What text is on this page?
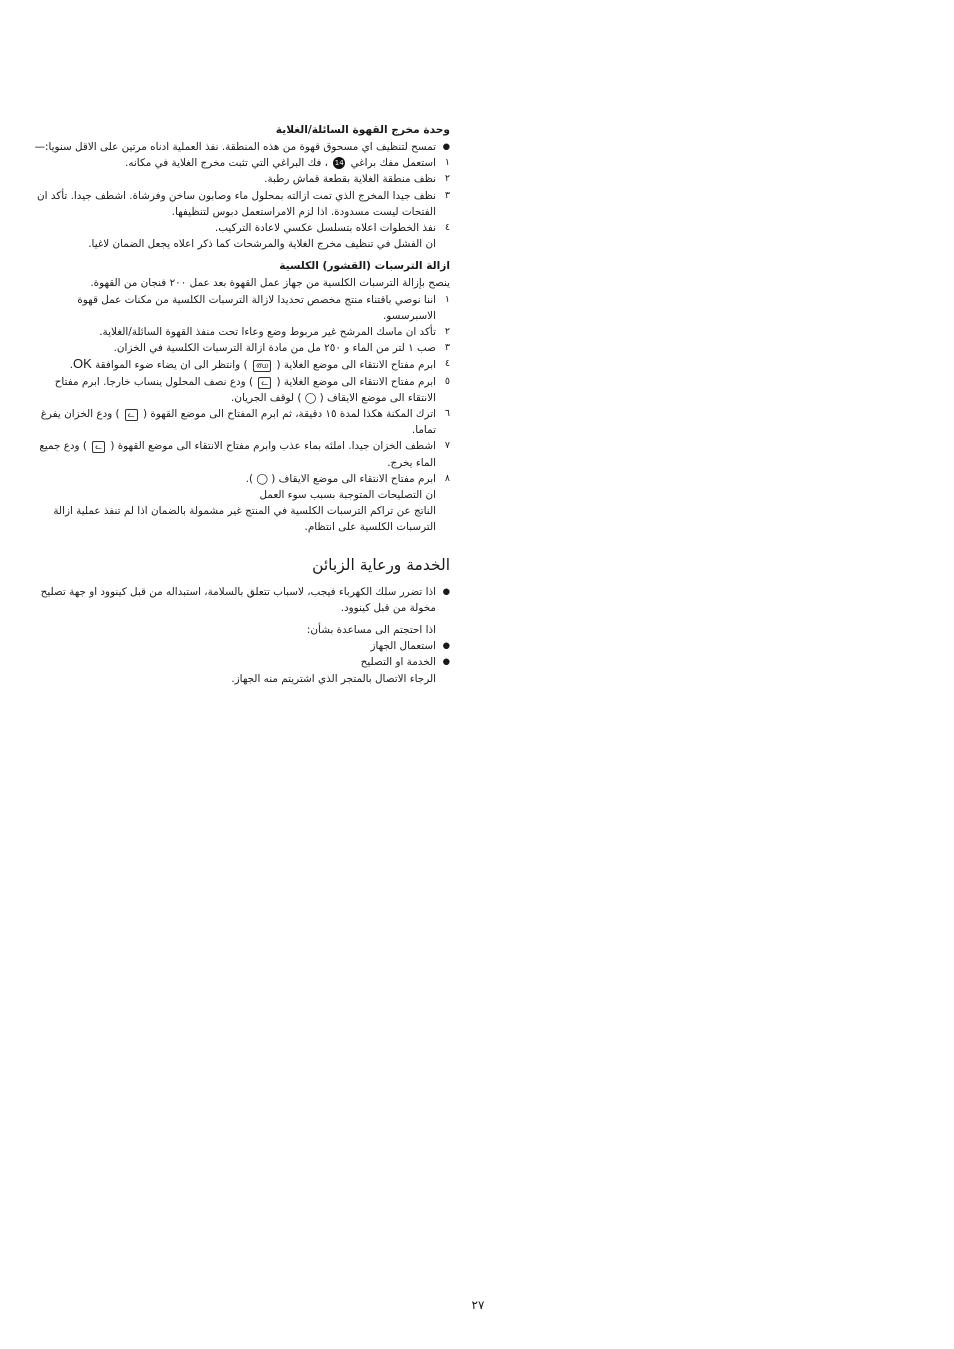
وحدة مخرج القهوة السائلة/الغلاية
●
تمسح لتنظيف اي مسحوق قهوة من هذه المنطقة. نفذ العملية ادناه مرتين على الاقل سنويا:—
١
استعمل مفك براغي 14 ، فك البراغي التي تثبت مخرج الغلاية في مكانه.
٢
نظف منطقة الغلاية بقطعة قماش رطبة.
٣
نظف جيدا المخرج الذي تمت ازالته بمحلول ماء وصابون ساخن وفرشاة. اشطف جيدا. تأكد ان الفتحات ليست مسدودة. اذا لزم الامراستعمل دبوس لتنظيفها.
٤
نفذ الخطوات اعلاه بتسلسل عكسي لاعادة التركيب.
ان الفشل في تنظيف مخرج الغلاية والمرشحات كما ذكر اعلاه يجعل الضمان لاغيا.
ازالة الترسبات (القشور) الكلسية
ينصح بإزالة الترسبات الكلسية من جهاز عمل القهوة بعد عمل ٢٠٠ فنجان من القهوة.
١
اننا نوصي باقتناء منتج مخصص تحديدا لازالة الترسبات الكلسية من مكنات عمل قهوة الاسبرسسو.
٢
تأكد ان ماسك المرشح غير مربوط وضع وعاءا تحت منفذ القهوة السائلة/الغلاية.
٣
صب ١ لتر من الماء و ٢٥٠ مل من مادة ازالة الترسبات الكلسية في الخزان.
٤
ابرم مفتاح الانتقاء الى موضع الغلاية ( ഝ ) وانتظر الى ان يضاء ضوء الموافقة OK.
٥
ابرم مفتاح الانتقاء الى موضع الغلاية ( ᓚ ) ودع نصف المحلول ينساب خارجا. ابرم مفتاح الانتقاء الى موضع الايقاف ( ◯ ) لوقف الجريان.
٦
اترك المكنة هكذا لمدة ١٥ دقيقة، ثم ابرم المفتاح الى موضع القهوة ( ᓚ ) ودع الخزان يفرغ تماما.
٧
اشطف الخزان جيدا. املئه بماء عذب وابرم مفتاح الانتقاء الى موضع القهوة ( ᓚ ) ودع جميع الماء يخرج.
٨
ابرم مفتاح الانتقاء الى موضع الايقاف ( ◯ ).
ان التصليحات المتوجبة بسبب سوء العمل
الناتج عن تراكم الترسبات الكلسية في المنتج غير مشمولة بالضمان اذا لم تنفذ عملية ازالة الترسبات الكلسية على انتظام.
الخدمة ورعاية الزبائن
●
اذا تضرر سلك الكهرباء فيجب، لاسباب تتعلق بالسلامة، استبداله من قبل كينوود او جهة تصليح مخولة من قبل كينوود.
اذا احتجتم الى مساعدة بشأن:
●
استعمال الجهاز
●
الخدمة او التصليح
الرجاء الاتصال بالمتجر الذي اشتريتم منه الجهاز.
٢٧
